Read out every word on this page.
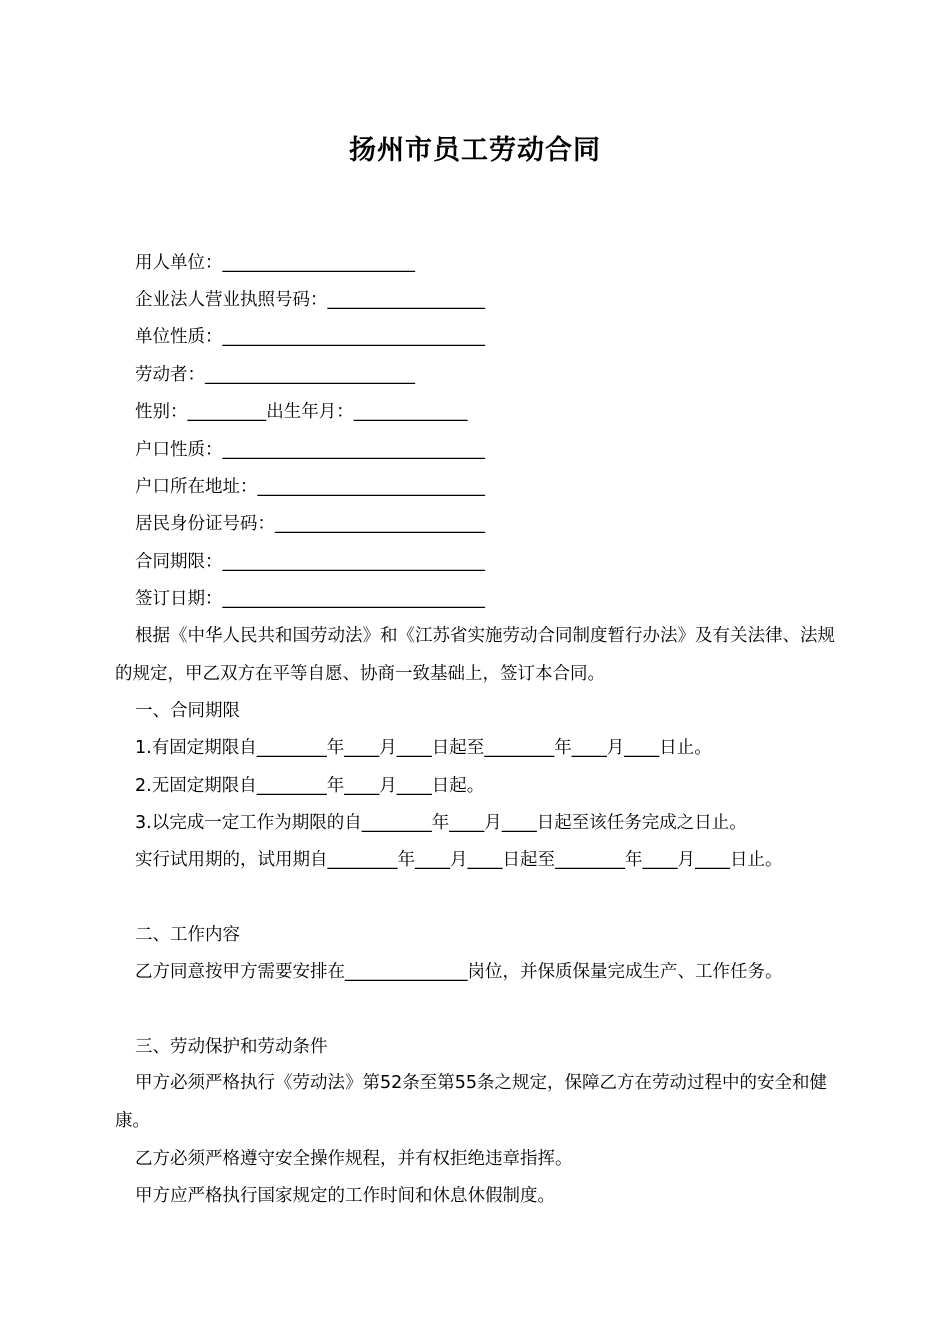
扬州市员工劳动合同
用人单位：______________________
企业法人营业执照号码：__________________
单位性质：______________________________
劳动者：________________________
性别：_________出生年月：_____________
户口性质：______________________________
户口所在地址：__________________________
居民身份证号码：________________________
合同期限：______________________________
签订日期：______________________________

根据《中华人民共和国劳动法》和《江苏省实施劳动合同制度暂行办法》及有关法律、法规的规定，甲乙双方在平等自愿、协商一致基础上，签订本合同。

一、合同期限
1.有固定期限自________年____月____日起至________年____月____日止。
2.无固定期限自________年____月____日起。
3.以完成一定工作为期限的自________年____月____日起至该任务完成之日止。
实行试用期的，试用期自________年____月____日起至________年____月____日止。
二、工作内容
乙方同意按甲方需要安排在______________岗位，并保质保量完成生产、工作任务。
三、劳动保护和劳动条件

甲方必须严格执行《劳动法》第52条至第55条之规定，保障乙方在劳动过程中的安全和健康。

乙方必须严格遵守安全操作规程，并有权拒绝违章指挥。
甲方应严格执行国家规定的工作时间和休息休假制度。
